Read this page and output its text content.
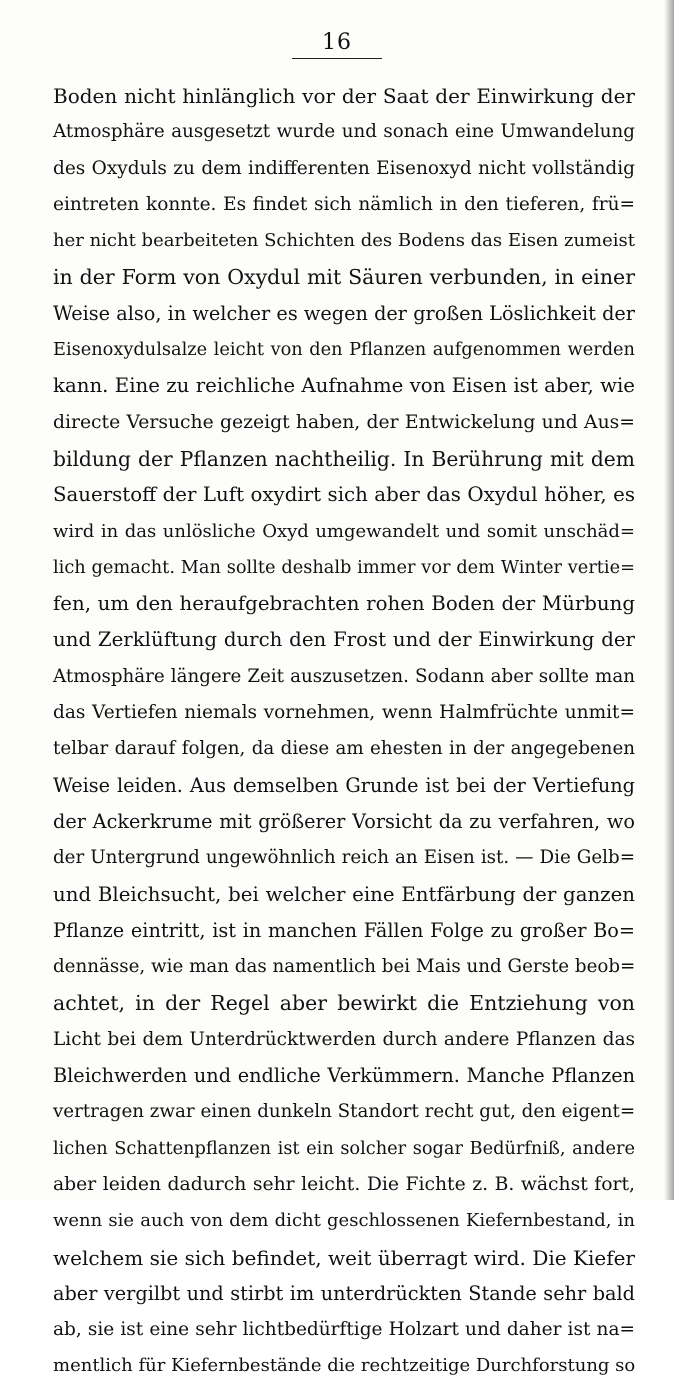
16
Boden nicht hinlänglich vor der Saat der Einwirkung der
Atmosphäre ausgesetzt wurde und sonach eine Umwandelung
des Oxyduls zu dem indifferenten Eisenoxyd nicht vollständig
eintreten konnte. Es findet sich nämlich in den tieferen, frü=
her nicht bearbeiteten Schichten des Bodens das Eisen zumeist
in der Form von Oxydul mit Säuren verbunden, in einer
Weise also, in welcher es wegen der großen Löslichkeit der
Eisenoxydulsalze leicht von den Pflanzen aufgenommen werden
kann. Eine zu reichliche Aufnahme von Eisen ist aber, wie
directe Versuche gezeigt haben, der Entwickelung und Aus=
bildung der Pflanzen nachtheilig. In Berührung mit dem
Sauerstoff der Luft oxydirt sich aber das Oxydul höher, es
wird in das unlösliche Oxyd umgewandelt und somit unschäd=
lich gemacht. Man sollte deshalb immer vor dem Winter vertie=
fen, um den heraufgebrachten rohen Boden der Mürbung
und Zerklüftung durch den Frost und der Einwirkung der
Atmosphäre längere Zeit auszusetzen. Sodann aber sollte man
das Vertiefen niemals vornehmen, wenn Halmfrüchte unmit=
telbar darauf folgen, da diese am ehesten in der angegebenen
Weise leiden. Aus demselben Grunde ist bei der Vertiefung
der Ackerkrume mit größerer Vorsicht da zu verfahren, wo
der Untergrund ungewöhnlich reich an Eisen ist. — Die Gelb=
und Bleichsucht, bei welcher eine Entfärbung der ganzen
Pflanze eintritt, ist in manchen Fällen Folge zu großer Bo=
dennässe, wie man das namentlich bei Mais und Gerste beob=
achtet, in der Regel aber bewirkt die Entziehung von
Licht bei dem Unterdrücktwerden durch andere Pflanzen das
Bleichwerden und endliche Verkümmern. Manche Pflanzen
vertragen zwar einen dunkeln Standort recht gut, den eigent=
lichen Schattenpflanzen ist ein solcher sogar Bedürfniß, andere
aber leiden dadurch sehr leicht. Die Fichte z. B. wächst fort,
wenn sie auch von dem dicht geschlossenen Kiefernbestand, in
welchem sie sich befindet, weit überragt wird. Die Kiefer
aber vergilbt und stirbt im unterdrückten Stande sehr bald
ab, sie ist eine sehr lichtbedürftige Holzart und daher ist na=
mentlich für Kiefernbestände die rechtzeitige Durchforstung so
